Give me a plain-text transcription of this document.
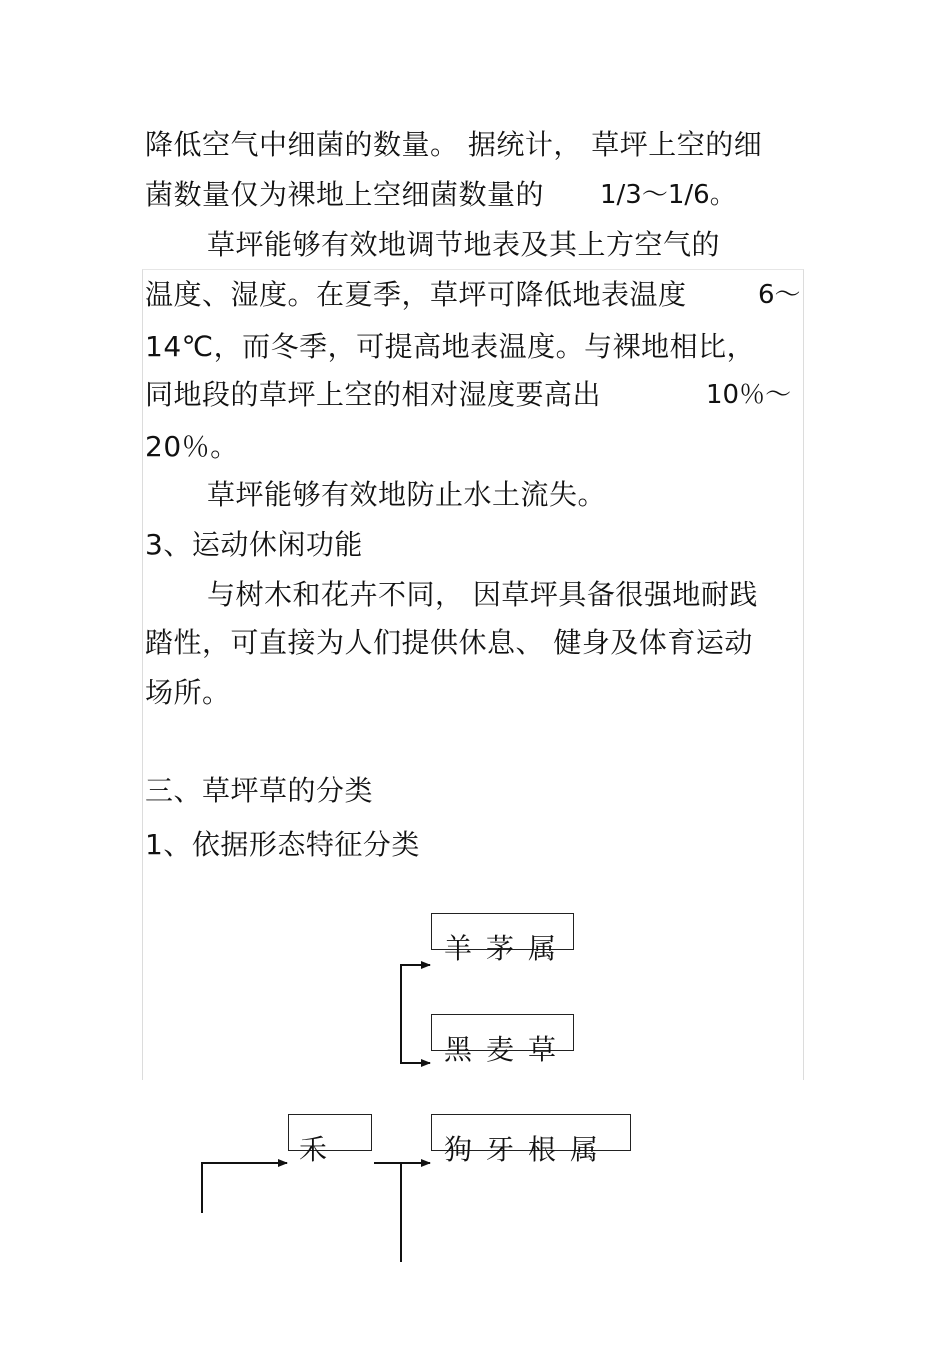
降低空气中细菌的数量。 据统计， 草坪上空的细
菌数量仅为裸地上空细菌数量的 1/3～1/6。
草坪能够有效地调节地表及其上方空气的
温度、湿度。在夏季，草坪可降低地表温度	6～
14℃，而冬季，可提高地表温度。与裸地相比，
同地段的草坪上空的相对湿度要高出	10％～
20％。
草坪能够有效地防止水土流失。
3、运动休闲功能
与树木和花卉不同， 因草坪具备很强地耐践
踏性，可直接为人们提供休息、 健身及体育运动
场所。
三、草坪草的分类
1、依据形态特征分类
羊茅属
黑麦草
禾	狗牙根属
